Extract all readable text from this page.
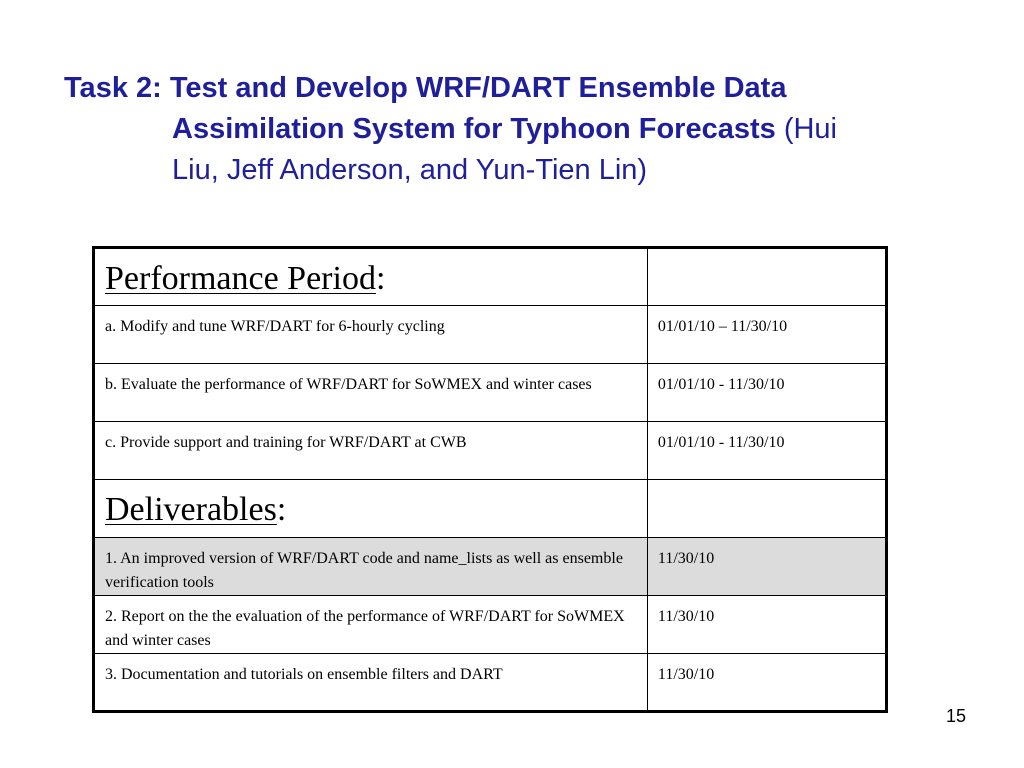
Task 2: Test and Develop WRF/DART Ensemble Data
Assimilation System for Typhoon Forecasts (Hui
Liu, Jeff Anderson, and Yun-Tien Lin)
Performance Period:	

a. Modify and tune WRF/DART for 6-hourly cycling	01/01/10 – 11/30/10

b. Evaluate the performance of WRF/DART for SoWMEX and winter cases	01/01/10 - 11/30/10

c. Provide support and training for WRF/DART at CWB	01/01/10 - 11/30/10

Deliverables:	

1. An improved version of WRF/DART code and name_lists as well as ensemble verification tools	11/30/10

2. Report on the the evaluation of the performance of WRF/DART for SoWMEX and winter cases	11/30/10

3. Documentation and tutorials on ensemble filters and DART	11/30/10
15
